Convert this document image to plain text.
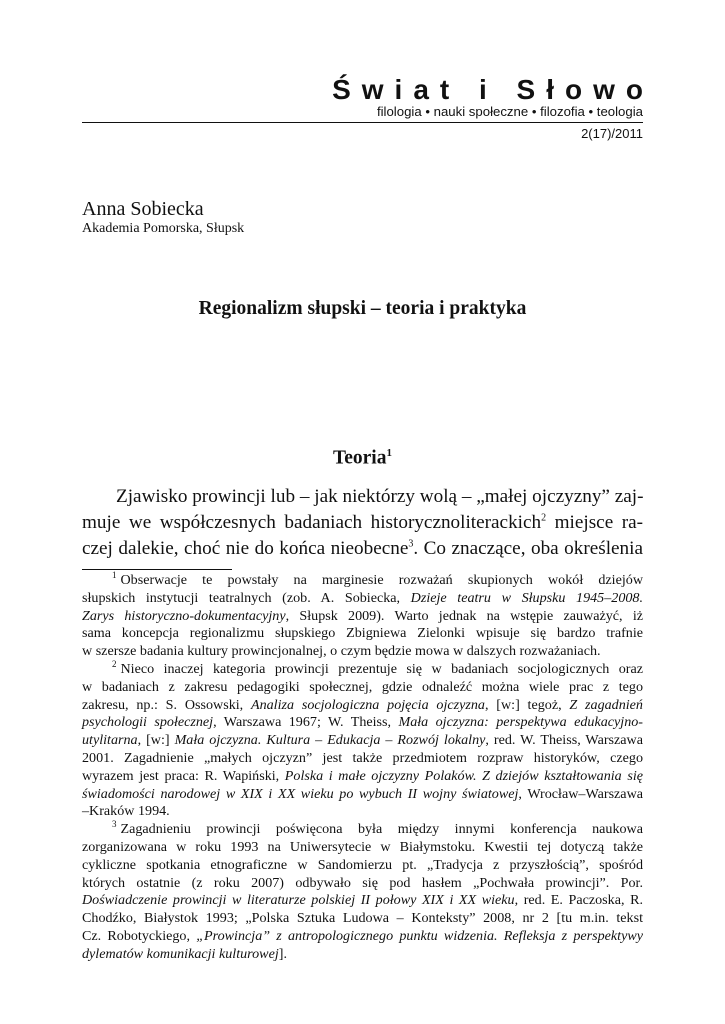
Świat i Słowo
filologia • nauki społeczne • filozofia • teologia
2(17)/2011
Anna Sobiecka
Akademia Pomorska, Słupsk
Regionalizm słupski – teoria i praktyka
Teoria$^1$
Zjawisko prowincji lub – jak niektórzy wolą – „małej ojczyzny” zaj-
muje we współczesnych badaniach historycznoliterackich$^2$ miejsce ra-
czej dalekie, choć nie do końca nieobecne$^3$. Co znaczące, oba określenia
$^1$ Obserwacje te powstały na marginesie rozważań skupionych wokół dziejów
słupskich instytucji teatralnych (zob. A. Sobiecka, Dzieje teatru w Słupsku 1945–2008.
Zarys historyczno-dokumentacyjny, Słupsk 2009). Warto jednak na wstępie zauważyć, iż
sama koncepcja regionalizmu słupskiego Zbigniewa Zielonki wpisuje się bardzo trafnie
w szersze badania kultury prowincjonalnej, o czym będzie mowa w dalszych rozważaniach.
$^2$ Nieco inaczej kategoria prowincji prezentuje się w badaniach socjologicznych oraz
w badaniach z zakresu pedagogiki społecznej, gdzie odnaleźć można wiele prac z tego
zakresu, np.: S. Ossowski, Analiza socjologiczna pojęcia ojczyzna, [w:] tegoż, Z zagadnień
psychologii społecznej, Warszawa 1967; W. Theiss, Mała ojczyzna: perspektywa edukacyjno-
utylitarna, [w:] Mała ojczyzna. Kultura – Edukacja – Rozwój lokalny, red. W. Theiss, Warszawa
2001. Zagadnienie „małych ojczyzn” jest także przedmiotem rozpraw historyków, czego
wyrazem jest praca: R. Wapiński, Polska i małe ojczyzny Polaków. Z dziejów kształtowania się
świadomości narodowej w XIX i XX wieku po wybuch II wojny światowej, Wrocław–Warszawa
–Kraków 1994.
$^3$ Zagadnieniu prowincji poświęcona była między innymi konferencja naukowa
zorganizowana w roku 1993 na Uniwersytecie w Białymstoku. Kwestii tej dotyczą także
cykliczne spotkania etnograficzne w Sandomierzu pt. „Tradycja z przyszłością”, spośród
których ostatnie (z roku 2007) odbywało się pod hasłem „Pochwała prowincji”. Por.
Doświadczenie prowincji w literaturze polskiej II połowy XIX i XX wieku, red. E. Paczoska, R.
Chodźko, Białystok 1993; „Polska Sztuka Ludowa – Konteksty” 2008, nr 2 [tu m.in. tekst
Cz. Robotyckiego, „Prowincja” z antropologicznego punktu widzenia. Refleksja z perspektywy
dylematów komunikacji kulturowej].
